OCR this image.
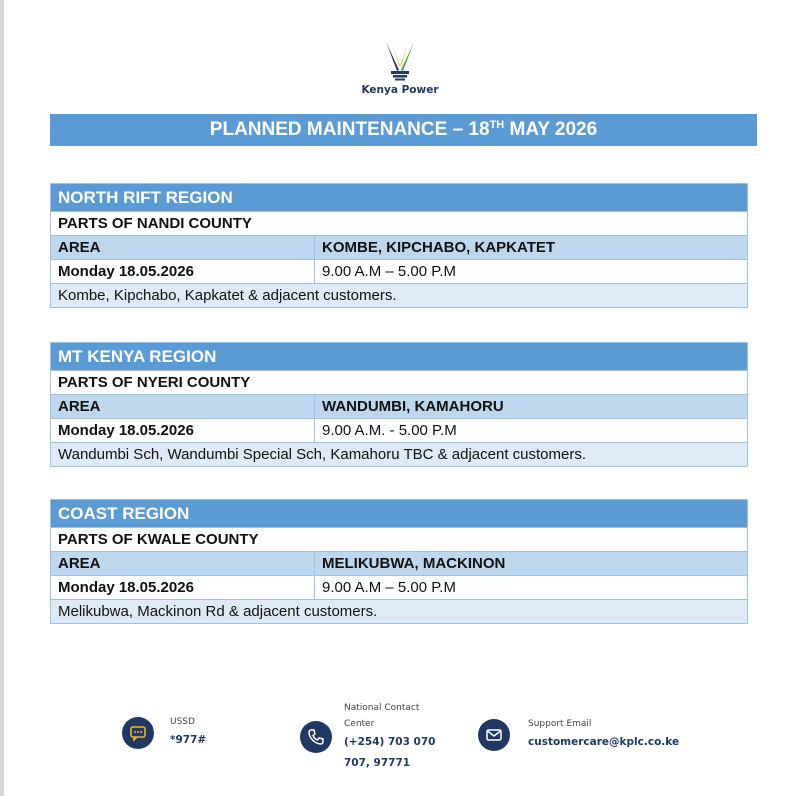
Kenya Power
PLANNED MAINTENANCE – 18TH MAY 2026
NORTH RIFT REGION
PARTS OF NANDI COUNTY
AREA	KOMBE, KIPCHABO, KAPKATET
Monday 18.05.2026	9.00 A.M – 5.00 P.M
Kombe, Kipchabo, Kapkatet & adjacent customers.
MT KENYA REGION
PARTS OF NYERI COUNTY
AREA	WANDUMBI, KAMAHORU
Monday 18.05.2026	9.00 A.M. - 5.00 P.M
Wandumbi Sch, Wandumbi Special Sch, Kamahoru TBC & adjacent customers.
COAST REGION
PARTS OF KWALE COUNTY
AREA	MELIKUBWA, MACKINON
Monday 18.05.2026	9.00 A.M – 5.00 P.M
Melikubwa, Mackinon Rd & adjacent customers.
USSD
*977#
National Contact
Center
(+254) 703 070
707, 97771
Support Email
customercare@kplc.co.ke
